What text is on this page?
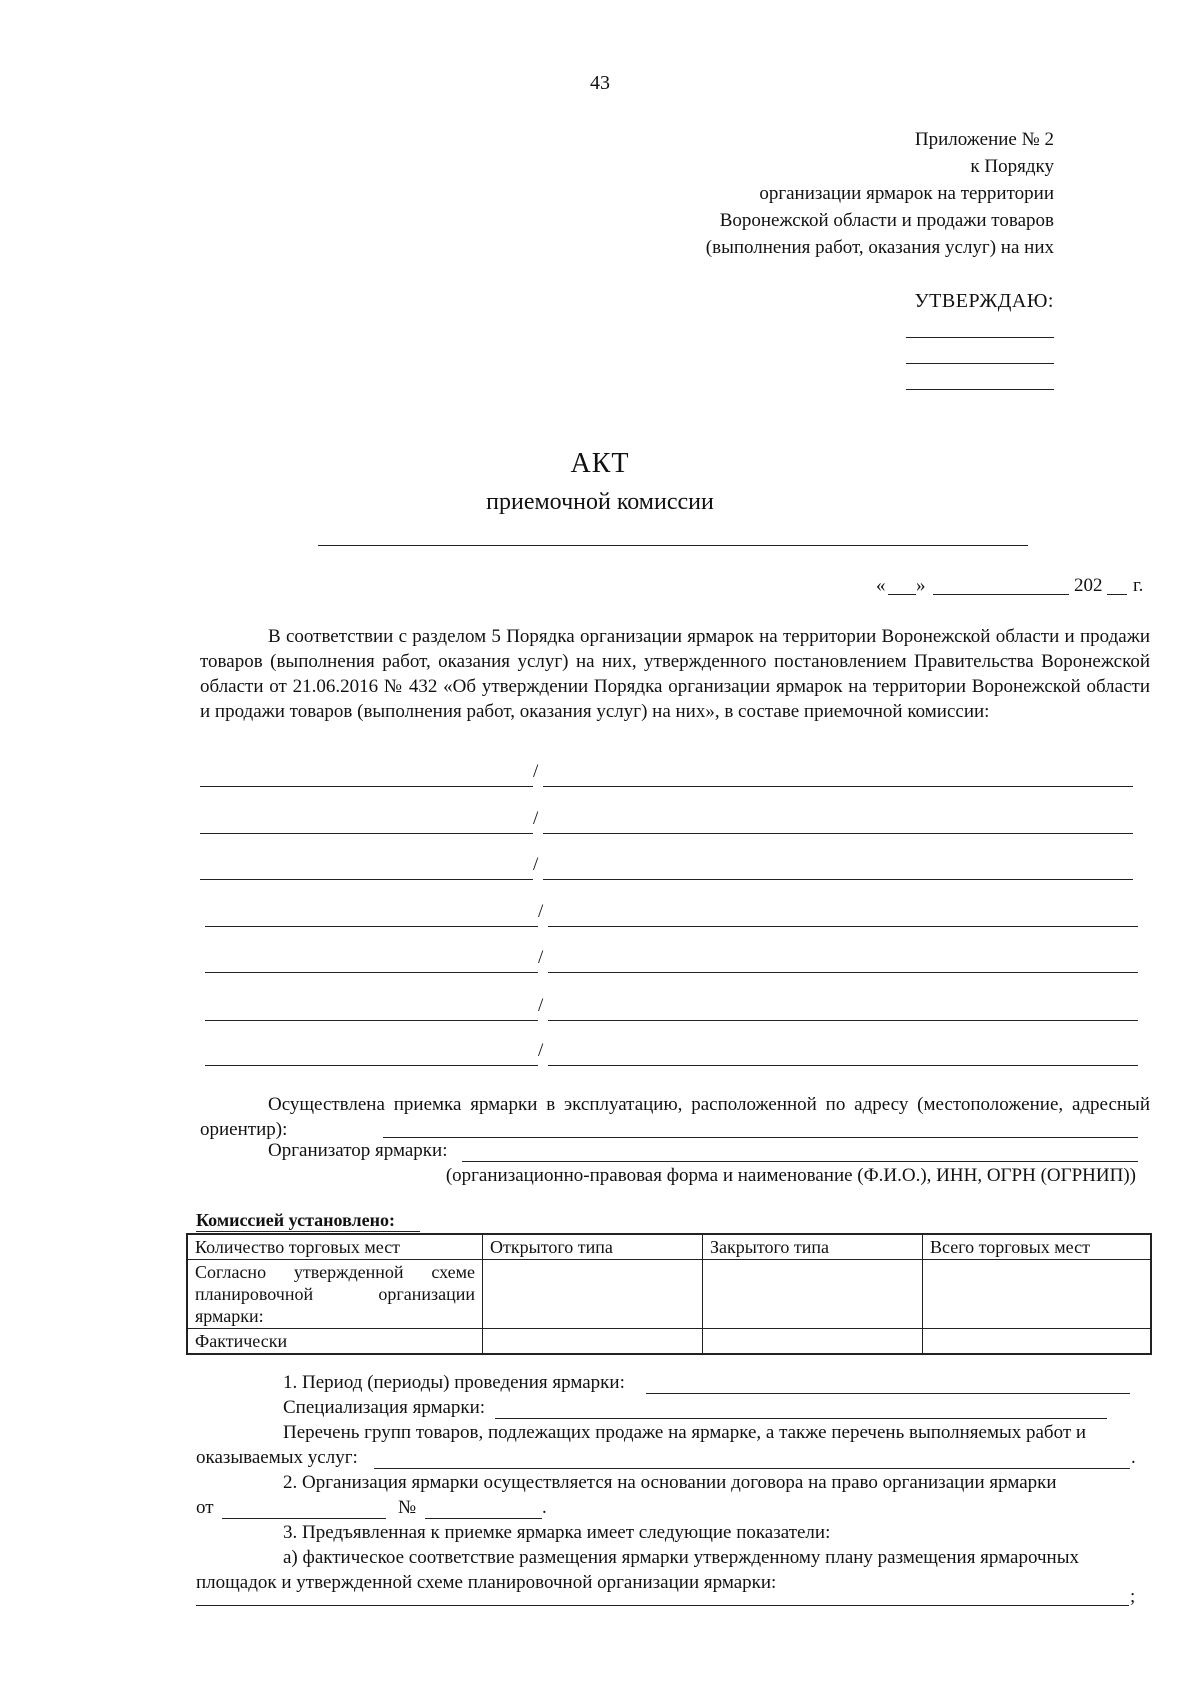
43
Приложение № 2
к Порядку
организации ярмарок на территории
Воронежской области и продажи товаров
(выполнения работ, оказания услуг) на них
УТВЕРЖДАЮ:
АКТ
приемочной комиссии
« »	202 г.
В соответствии с разделом 5 Порядка организации ярмарок на территории Воронежской области и продажи товаров (выполнения работ, оказания услуг) на них, утвержденного постановлением Правительства Воронежской области от 21.06.2016 № 432 «Об утверждении Порядка организации ярмарок на территории Воронежской области и продажи товаров (выполнения работ, оказания услуг) на них», в составе приемочной комиссии:
/
/
/
/
/
/
/
Осуществлена приемка ярмарки в эксплуатацию, расположенной по адресу (местоположение, адресный ориентир):
Организатор ярмарки:
(организационно-правовая форма и наименование (Ф.И.О.), ИНН, ОГРН (ОГРНИП))
Комиссией установлено:
Количество торговых мест	Открытого типа	Закрытого типа	Всего торговых мест
Согласно утвержденной схеме планировочной организации ярмарки:			
Фактически			
1. Период (периоды) проведения ярмарки:
Специализация ярмарки:
Перечень групп товаров, подлежащих продаже на ярмарке, а также перечень выполняемых работ и
оказываемых услуг:	.
2. Организация ярмарки осуществляется на основании договора на право организации ярмарки
от	№	.
3. Предъявленная к приемке ярмарка имеет следующие показатели:
а) фактическое соответствие размещения ярмарки утвержденному плану размещения ярмарочных
площадок и утвержденной схеме планировочной организации ярмарки:
;
